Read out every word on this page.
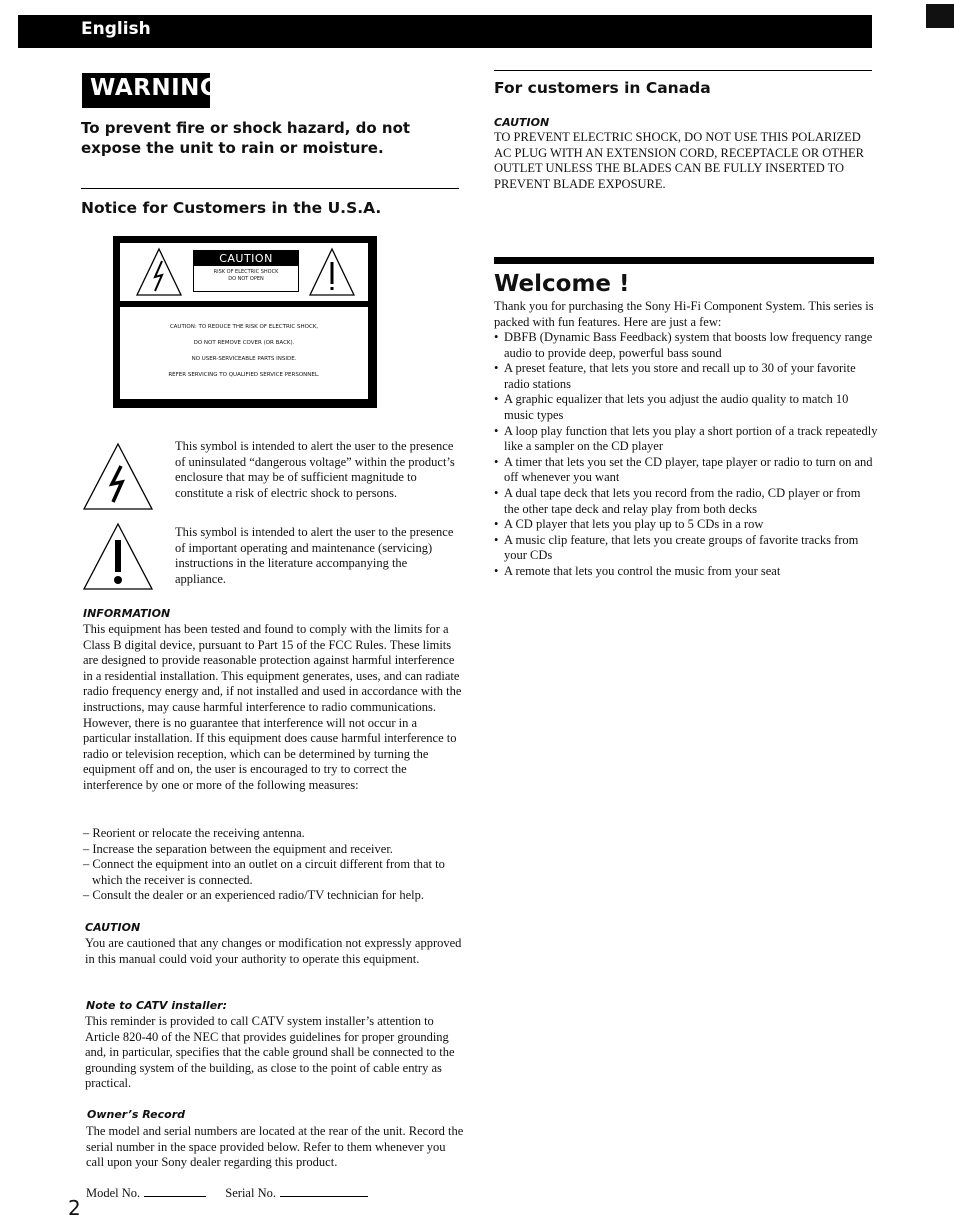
English
WARNING
To prevent fire or shock hazard, do not expose the unit to rain or moisture.
Notice for Customers in the U.S.A.
CAUTION
RISK OF ELECTRIC SHOCK
DO NOT OPEN
CAUTION: TO REDUCE THE RISK OF ELECTRIC SHOCK,
DO NOT REMOVE COVER (OR BACK).
NO USER-SERVICEABLE PARTS INSIDE.
REFER SERVICING TO QUALIFIED SERVICE PERSONNEL.
This symbol is intended to alert the user to the presence of uninsulated “dangerous voltage” within the product’s enclosure that may be of sufficient magnitude to constitute a risk of electric shock to persons.
This symbol is intended to alert the user to the presence of important operating and maintenance (servicing) instructions in the literature accompanying the appliance.
INFORMATION
This equipment has been tested and found to comply with the limits for a Class B digital device, pursuant to Part 15 of the FCC Rules. These limits are designed to provide reasonable protection against harmful interference in a residential installation. This equipment generates, uses, and can radiate radio frequency energy and, if not installed and used in accordance with the instructions, may cause harmful interference to radio communications. However, there is no guarantee that interference will not occur in a particular installation. If this equipment does cause harmful interference to radio or television reception, which can be determined by turning the equipment off and on, the user is encouraged to try to correct the interference by one or more of the following measures:
– Reorient or relocate the receiving antenna.
– Increase the separation between the equipment and receiver.
– Connect the equipment into an outlet on a circuit different from that to which the receiver is connected.
– Consult the dealer or an experienced radio/TV technician for help.
CAUTION
You are cautioned that any changes or modification not expressly approved in this manual could void your authority to operate this equipment.
Note to CATV installer:
This reminder is provided to call CATV system installer’s attention to Article 820-40 of the NEC that provides guidelines for proper grounding and, in particular, specifies that the cable ground shall be connected to the grounding system of the building, as close to the point of cable entry as practical.
Owner’s Record
The model and serial numbers are located at the rear of the unit. Record the serial number in the space provided below. Refer to them whenever you call upon your Sony dealer regarding this product.
Model No.	Serial No.
2
For customers in Canada
CAUTION
TO PREVENT ELECTRIC SHOCK, DO NOT USE THIS POLARIZED AC PLUG WITH AN EXTENSION CORD, RECEPTACLE OR OTHER OUTLET UNLESS THE BLADES CAN BE FULLY INSERTED TO PREVENT BLADE EXPOSURE.
Welcome !
Thank you for purchasing the Sony Hi-Fi Component System. This series is packed with fun features. Here are just a few:
• DBFB (Dynamic Bass Feedback) system that boosts low frequency range audio to provide deep, powerful bass sound
• A preset feature, that lets you store and recall up to 30 of your favorite radio stations
• A graphic equalizer that lets you adjust the audio quality to match 10 music types
• A loop play function that lets you play a short portion of a track repeatedly like a sampler on the CD player
• A timer that lets you set the CD player, tape player or radio to turn on and off whenever you want
• A dual tape deck that lets you record from the radio, CD player or from the other tape deck and relay play from both decks
• A CD player that lets you play up to 5 CDs in a row
• A music clip feature, that lets you create groups of favorite tracks from your CDs
• A remote that lets you control the music from your seat
